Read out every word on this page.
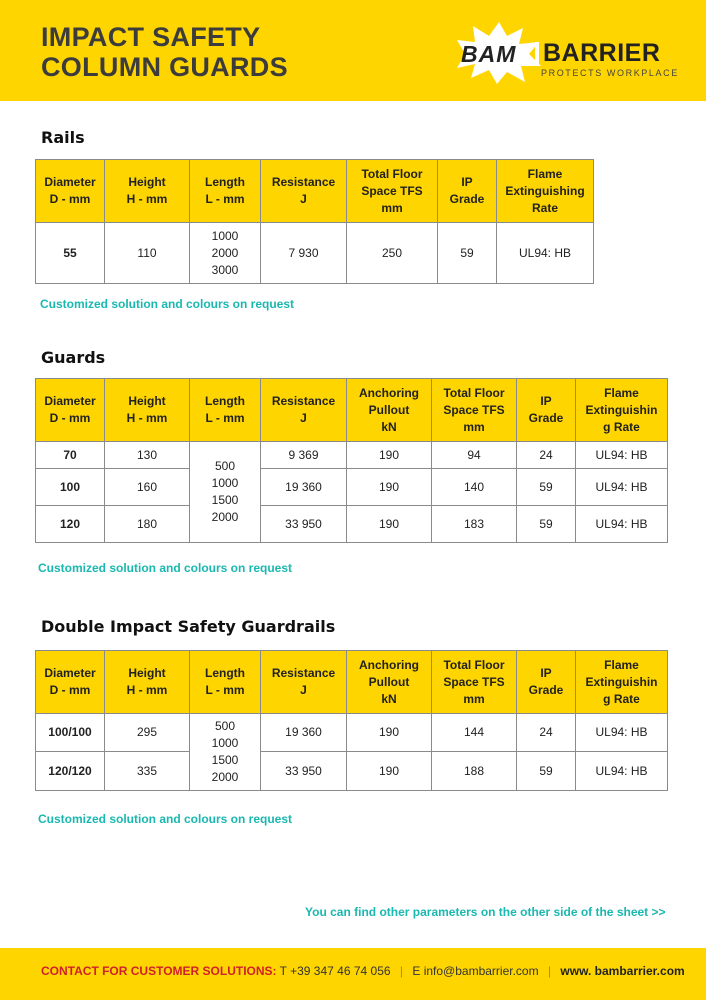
IMPACT SAFETY
COLUMN GUARDS	BAM BARRIER
PROTECTS WORKPLACE
Rails
Diameter
D - mm	Height
H - mm	Length
L - mm	Resistance
J	Total Floor
Space TFS
mm	IP
Grade	Flame
Extinguishing
Rate
55	110	1000
2000
3000	7 930	250	59	UL94: HB
Customized solution and colours on request
Guards
Diameter
D - mm	Height
H - mm	Length
L - mm	Resistance
J	Anchoring
Pullout
kN	Total Floor
Space TFS
mm	IP
Grade	Flame
Extinguishin
g Rate
70	130	500
1000
1500
2000	9 369	190	94	24	UL94: HB
100	160		19 360	190	140	59	UL94: HB
120	180		33 950	190	183	59	UL94: HB
Customized solution and colours on request
Double Impact Safety Guardrails
Diameter
D - mm	Height
H - mm	Length
L - mm	Resistance
J	Anchoring
Pullout
kN	Total Floor
Space TFS
mm	IP
Grade	Flame
Extinguishin
g Rate
100/100	295	500
1000
1500
2000	19 360	190	144	24	UL94: HB
120/120	335		33 950	190	188	59	UL94: HB
Customized solution and colours on request
You can find other parameters on the other side of the sheet >>
CONTACT FOR CUSTOMER SOLUTIONS: T +39 347 46 74 056 | E info@bambarrier.com | www. bambarrier.com
